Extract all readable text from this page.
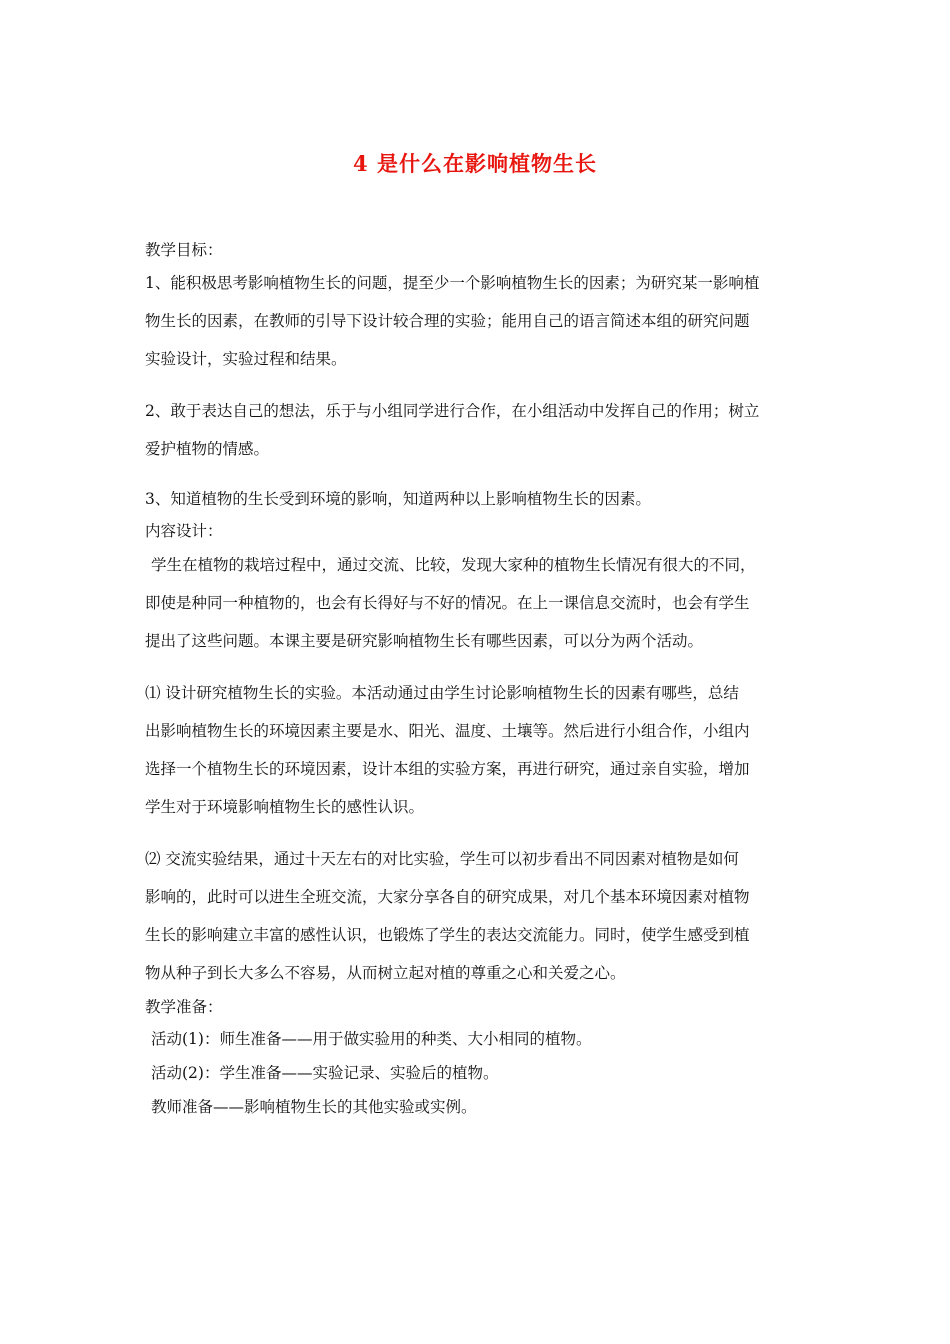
4 是什么在影响植物生长
教学目标：
1、能积极思考影响植物生长的问题，提至少一个影响植物生长的因素；为研究某一影响植
物生长的因素，在教师的引导下设计较合理的实验；能用自己的语言简述本组的研究问题
实验设计，实验过程和结果。
2、敢于表达自己的想法，乐于与小组同学进行合作，在小组活动中发挥自己的作用；树立
爱护植物的情感。
3、知道植物的生长受到环境的影响，知道两种以上影响植物生长的因素。
内容设计：
学生在植物的栽培过程中，通过交流、比较，发现大家种的植物生长情况有很大的不同，
即使是种同一种植物的，也会有长得好与不好的情况。在上一课信息交流时，也会有学生
提出了这些问题。本课主要是研究影响植物生长有哪些因素，可以分为两个活动。
⑴ 设计研究植物生长的实验。本活动通过由学生讨论影响植物生长的因素有哪些，总结
出影响植物生长的环境因素主要是水、阳光、温度、土壤等。然后进行小组合作，小组内
选择一个植物生长的环境因素，设计本组的实验方案，再进行研究，通过亲自实验，增加
学生对于环境影响植物生长的感性认识。
⑵ 交流实验结果，通过十天左右的对比实验，学生可以初步看出不同因素对植物是如何
影响的，此时可以进生全班交流，大家分享各自的研究成果，对几个基本环境因素对植物
生长的影响建立丰富的感性认识，也锻炼了学生的表达交流能力。同时，使学生感受到植
物从种子到长大多么不容易，从而树立起对植的尊重之心和关爱之心。
教学准备：
活动(1)：师生准备——用于做实验用的种类、大小相同的植物。
活动(2)：学生准备——实验记录、实验后的植物。
教师准备——影响植物生长的其他实验或实例。
